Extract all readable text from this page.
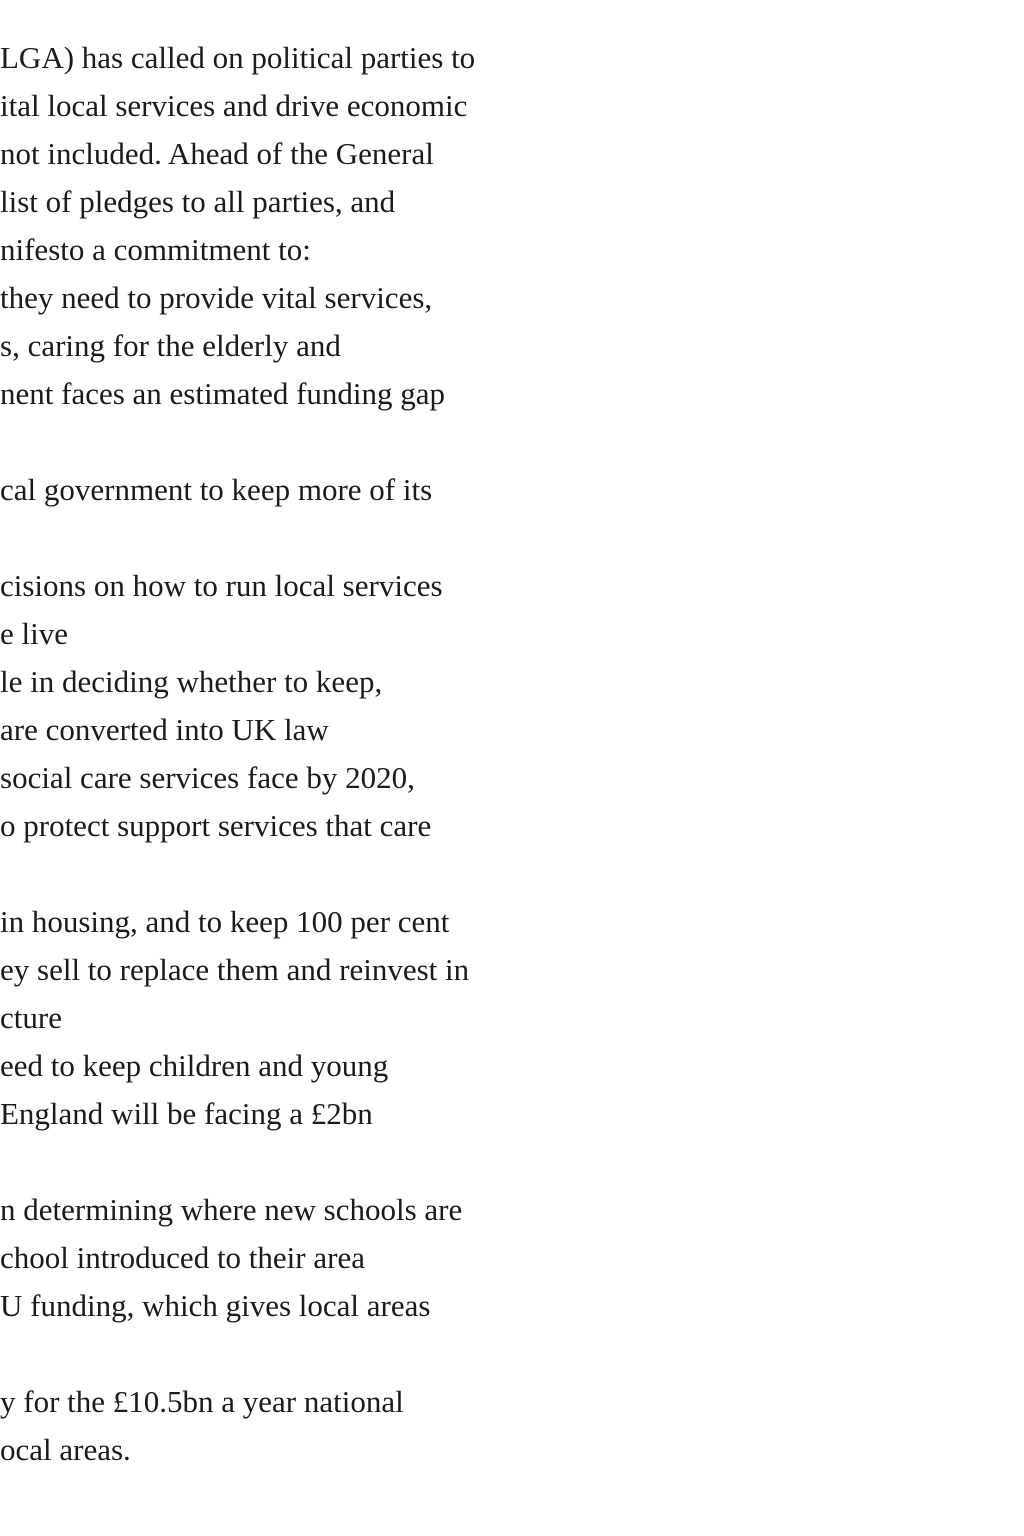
LGA) has called on political parties to
ital local services and drive economic
not included. Ahead of the General
list of pledges to all parties, and
nifesto a commitment to:
they need to provide vital services,
s, caring for the elderly and
nent faces an estimated funding gap
cal government to keep more of its
cisions on how to run local services
e live
le in deciding whether to keep,
are converted into UK law
social care services face by 2020,
o protect support services that care
in housing, and to keep 100 per cent
ey sell to replace them and reinvest in
cture
eed to keep children and young
England will be facing a £2bn
n determining where new schools are
chool introduced to their area
U funding, which gives local areas
y for the £10.5bn a year national
ocal areas.
